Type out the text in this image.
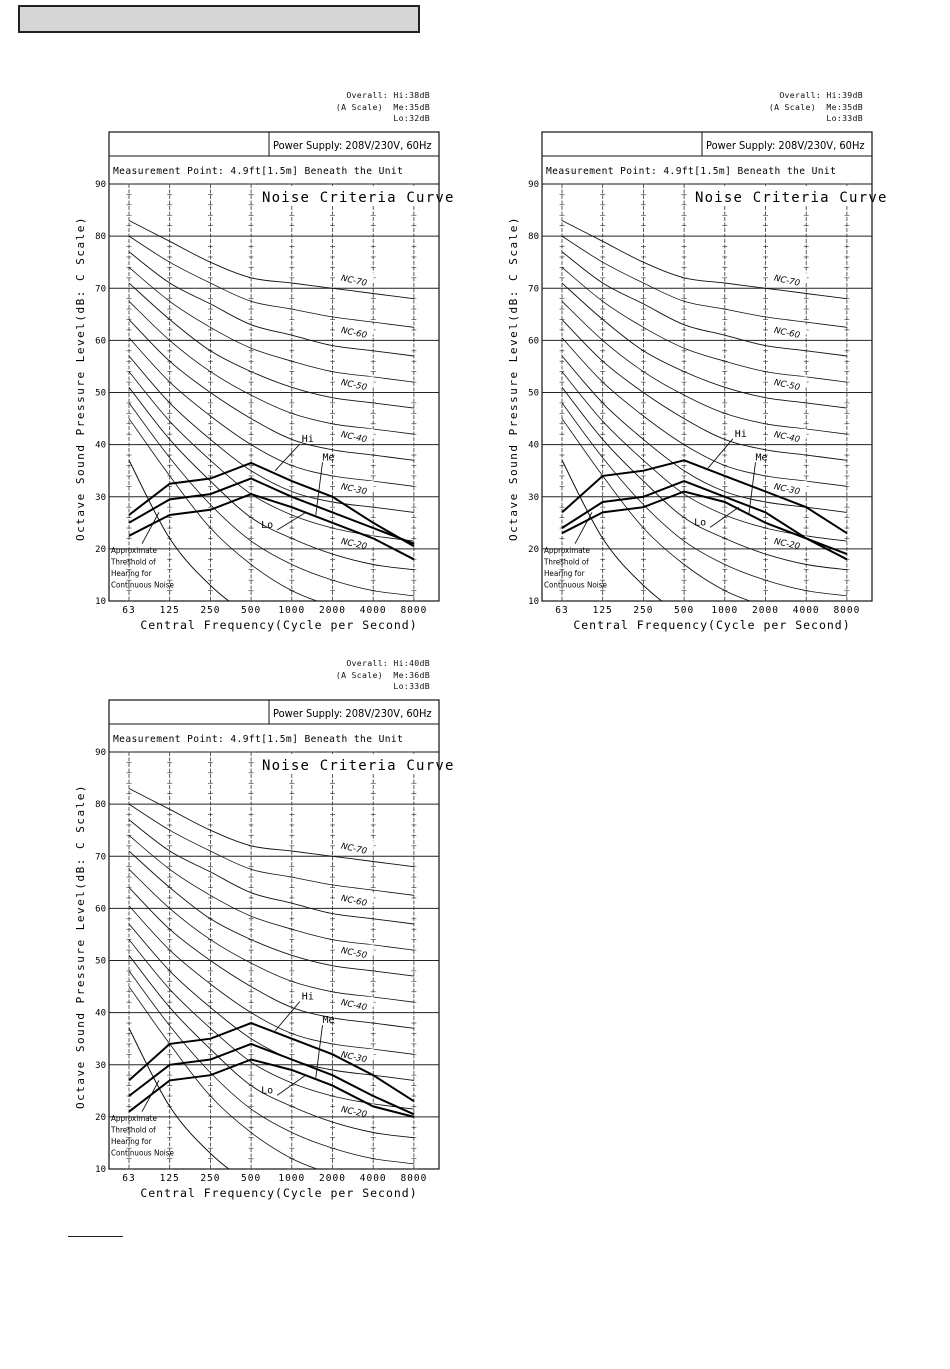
Overall: Hi:38dB
(A Scale)  Me:35dB
Lo:32dB
Power Supply: 208V/230V, 60Hz
Measurement Point: 4.9ft[1.5m] Beneath the Unit
10
20
30
40
50
60
70
80
90
63	125 250 500 1000 2000 4000 8000
Noise Criteria Curve
NC-20
NC-30
NC-40
NC-50
NC-60
NC-70
Approximate
Threshold of
Hearing for
Continuous Noise
Hi
Me
Lo
Octave Sound Pressure Level(dB: C Scale)
Central Frequency(Cycle per Second)
Overall: Hi:39dB
(A Scale)  Me:35dB
Lo:33dB
Power Supply: 208V/230V, 60Hz
Measurement Point: 4.9ft[1.5m] Beneath the Unit
10
20
30
40
50
60
70
80
90
63	125 250 500 1000 2000 4000 8000
Noise Criteria Curve
NC-20
NC-30
NC-40
NC-50
NC-60
NC-70
Approximate
Threshold of
Hearing for
Continuous Noise
Hi
Me
Lo
Octave Sound Pressure Level(dB: C Scale)
Central Frequency(Cycle per Second)
Overall: Hi:40dB
(A Scale)  Me:36dB
Lo:33dB
Power Supply: 208V/230V, 60Hz
Measurement Point: 4.9ft[1.5m] Beneath the Unit
10
20
30
40
50
60
70
80
90
63	125 250 500 1000 2000 4000 8000
Noise Criteria Curve
NC-20
NC-30
NC-40
NC-50
NC-60
NC-70
Approximate
Threshold of
Hearing for
Continuous Noise
Hi
Me
Lo
Octave Sound Pressure Level(dB: C Scale)
Central Frequency(Cycle per Second)
